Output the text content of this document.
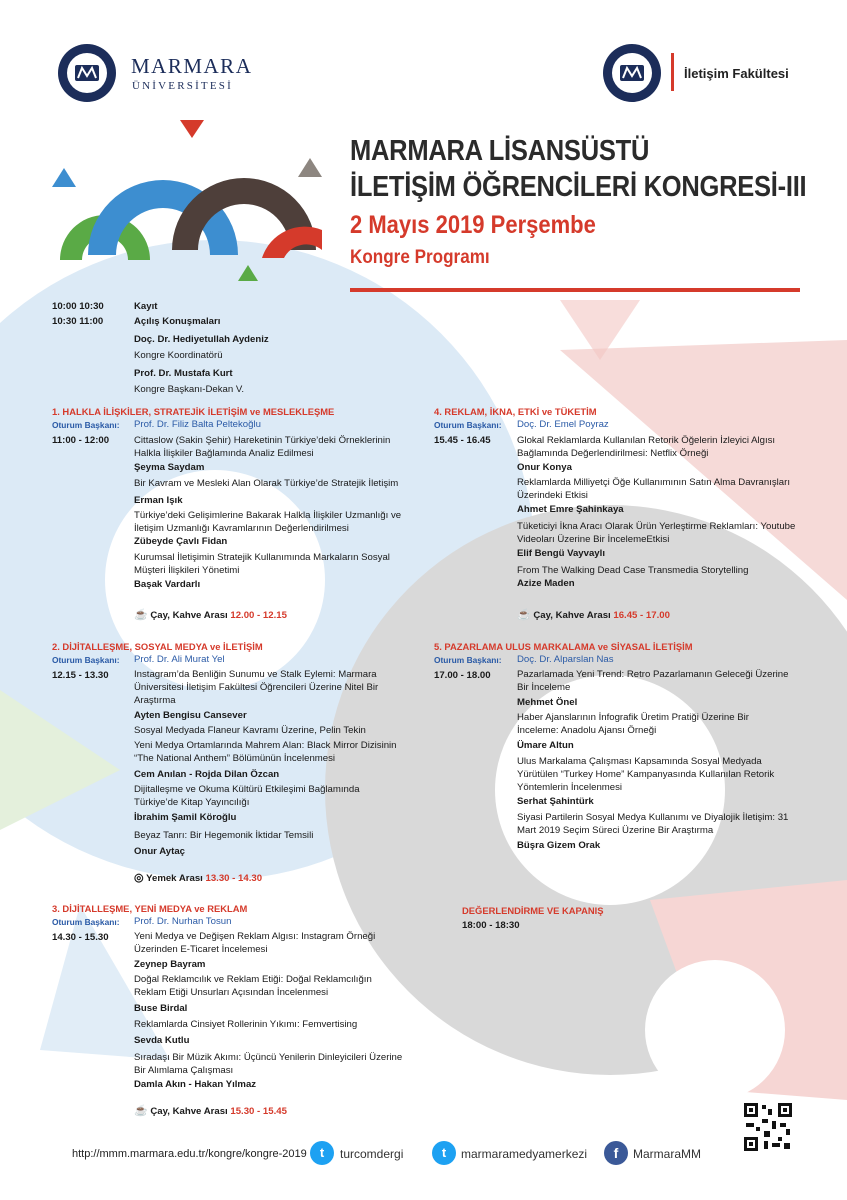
MARMARA
ÜNİVERSİTESİ
İletişim Fakültesi
MARMARA LİSANSÜSTÜ
İLETİŞİM ÖĞRENCİLERİ KONGRESİ-III
2 Mayıs 2019 Perşembe
Kongre Programı
10:00 10:30	Kayıt
10:30 11:00	Açılış Konuşmaları
Doç. Dr. Hediyetullah Aydeniz
Kongre Koordinatörü
Prof. Dr. Mustafa Kurt
Kongre Başkanı-Dekan V.
1. HALKLA İLİŞKİLER, STRATEJİK İLETİŞİM ve MESLEKLEŞME
Oturum Başkanı: Prof. Dr. Filiz Balta Peltekoğlu
11:00 - 12:00	Cittaslow (Sakin Şehir) Hareketinin Türkiye’deki Örneklerinin Halkla İlişkiler Bağlamında Analiz Edilmesi
Şeyma Saydam
Bir Kavram ve Mesleki Alan Olarak Türkiye’de Stratejik İletişim
Erman Işık
Türkiye’deki Gelişimlerine Bakarak Halkla İlişkiler Uzmanlığı ve İletişim Uzmanlığı Kavramlarının Değerlendirilmesi
Zübeyde Çavlı Fidan
Kurumsal İletişimin Stratejik Kullanımında Markaların Sosyal Müşteri İlişkileri Yönetimi
Başak Vardarlı
☕ Çay, Kahve Arası 12.00 - 12.15
2. DİJİTALLEŞME, SOSYAL MEDYA ve İLETİŞİM
Oturum Başkanı: Prof. Dr. Ali Murat Yel
12.15 - 13.30	Instagram’da Benliğin Sunumu ve Stalk Eylemi: Marmara Üniversitesi İletişim Fakültesi Öğrencileri Üzerine Nitel Bir Araştırma
Ayten Bengisu Cansever
Sosyal Medyada Flaneur Kavramı Üzerine, Pelin Tekin
Yeni Medya Ortamlarında Mahrem Alan: Black Mirror Dizisinin “The National Anthem” Bölümünün İncelenmesi
Cem Anılan - Rojda Dilan Özcan
Dijitalleşme ve Okuma Kültürü Etkileşimi Bağlamında Türkiye’de Kitap Yayıncılığı
İbrahim Şamil Köroğlu
Beyaz Tanrı: Bir Hegemonik İktidar Temsili
Onur Aytaç
◎ Yemek Arası 13.30 - 14.30
3. DİJİTALLEŞME, YENİ MEDYA ve REKLAM
Oturum Başkanı: Prof. Dr. Nurhan Tosun
14.30 - 15.30	Yeni Medya ve Değişen Reklam Algısı: Instagram Örneği Üzerinden E-Ticaret İncelemesi
Zeynep Bayram
Doğal Reklamcılık ve Reklam Etiği: Doğal Reklamcılığın Reklam Etiği Unsurları Açısından İncelenmesi
Buse Birdal
Reklamlarda Cinsiyet Rollerinin Yıkımı: Femvertising
Sevda Kutlu
Sıradaşı Bir Müzik Akımı: Üçüncü Yenilerin Dinleyicileri Üzerine Bir Alımlama Çalışması
Damla Akın - Hakan Yılmaz
☕ Çay, Kahve Arası 15.30 - 15.45
4. REKLAM, İKNA, ETKİ ve TÜKETİM
Oturum Başkanı: Doç. Dr. Emel Poyraz
15.45 - 16.45	Glokal Reklamlarda Kullanılan Retorik Öğelerin İzleyici Algısı Bağlamında Değerlendirilmesi: Netflix Örneği
Onur Konya
Reklamlarda Milliyetçi Öğe Kullanımının Satın Alma Davranışları Üzerindeki Etkisi
Ahmet Emre Şahinkaya
Tüketiciyi İkna Aracı Olarak Ürün Yerleştirme Reklamları: Youtube Videoları Üzerine Bir İncelemeEtkisi
Elif Bengü Vayvaylı
From The Walking Dead Case Transmedia Storytelling
Azize Maden
☕ Çay, Kahve Arası 16.45 - 17.00
5. PAZARLAMA ULUS MARKALAMA ve SİYASAL İLETİŞİM
Oturum Başkanı: Doç. Dr. Alparslan Nas
17.00 - 18.00	Pazarlamada Yeni Trend: Retro Pazarlamanın Geleceği Üzerine Bir İnceleme
Mehmet Önel
Haber Ajanslarının İnfografik Üretim Pratiği Üzerine Bir İnceleme: Anadolu Ajansı Örneği
Ümare Altun
Ulus Markalama Çalışması Kapsamında Sosyal Medyada Yürütülen “Turkey Home” Kampanyasında Kullanılan Retorik Yöntemlerin İncelenmesi
Serhat Şahintürk
Siyasi Partilerin Sosyal Medya Kullanımı ve Diyalojik İletişim: 31 Mart 2019 Seçim Süreci Üzerine Bir Araştırma
Büşra Gizem Orak
DEĞERLENDİRME VE KAPANIŞ
18:00 - 18:30
http://mmm.marmara.edu.tr/kongre/kongre-2019	t	turcomdergi	t	marmaramedyamerkezi	f	MarmaraMM
